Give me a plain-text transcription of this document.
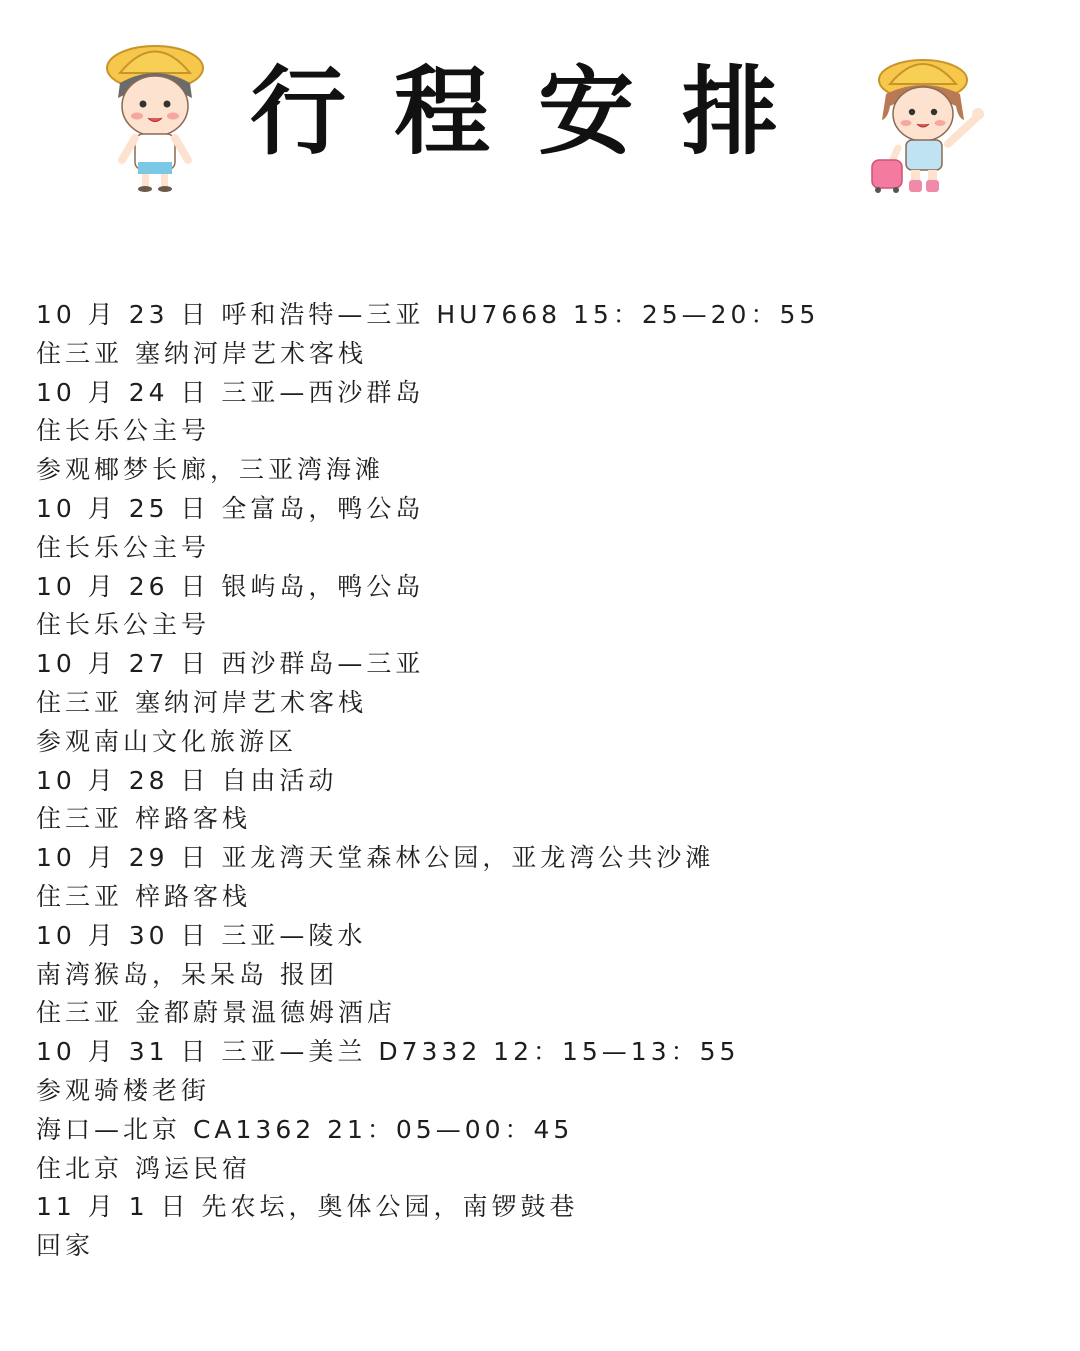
行程安排
10 月 23 日 呼和浩特—三亚 HU7668 15：25—20：55
住三亚 塞纳河岸艺术客栈
10 月 24 日 三亚—西沙群岛
住长乐公主号
参观椰梦长廊，三亚湾海滩
10 月 25 日 全富岛，鸭公岛
住长乐公主号
10 月 26 日 银屿岛，鸭公岛
住长乐公主号
10 月 27 日 西沙群岛—三亚
住三亚 塞纳河岸艺术客栈
参观南山文化旅游区
10 月 28 日 自由活动
住三亚 梓路客栈
10 月 29 日 亚龙湾天堂森林公园，亚龙湾公共沙滩
住三亚 梓路客栈
10 月 30 日 三亚—陵水
南湾猴岛，呆呆岛 报团
住三亚 金都蔚景温德姆酒店
10 月 31 日 三亚—美兰 D7332 12：15—13：55
参观骑楼老街
海口—北京 CA1362 21：05—00：45
住北京 鸿运民宿
11 月 1 日 先农坛，奥体公园，南锣鼓巷
回家
